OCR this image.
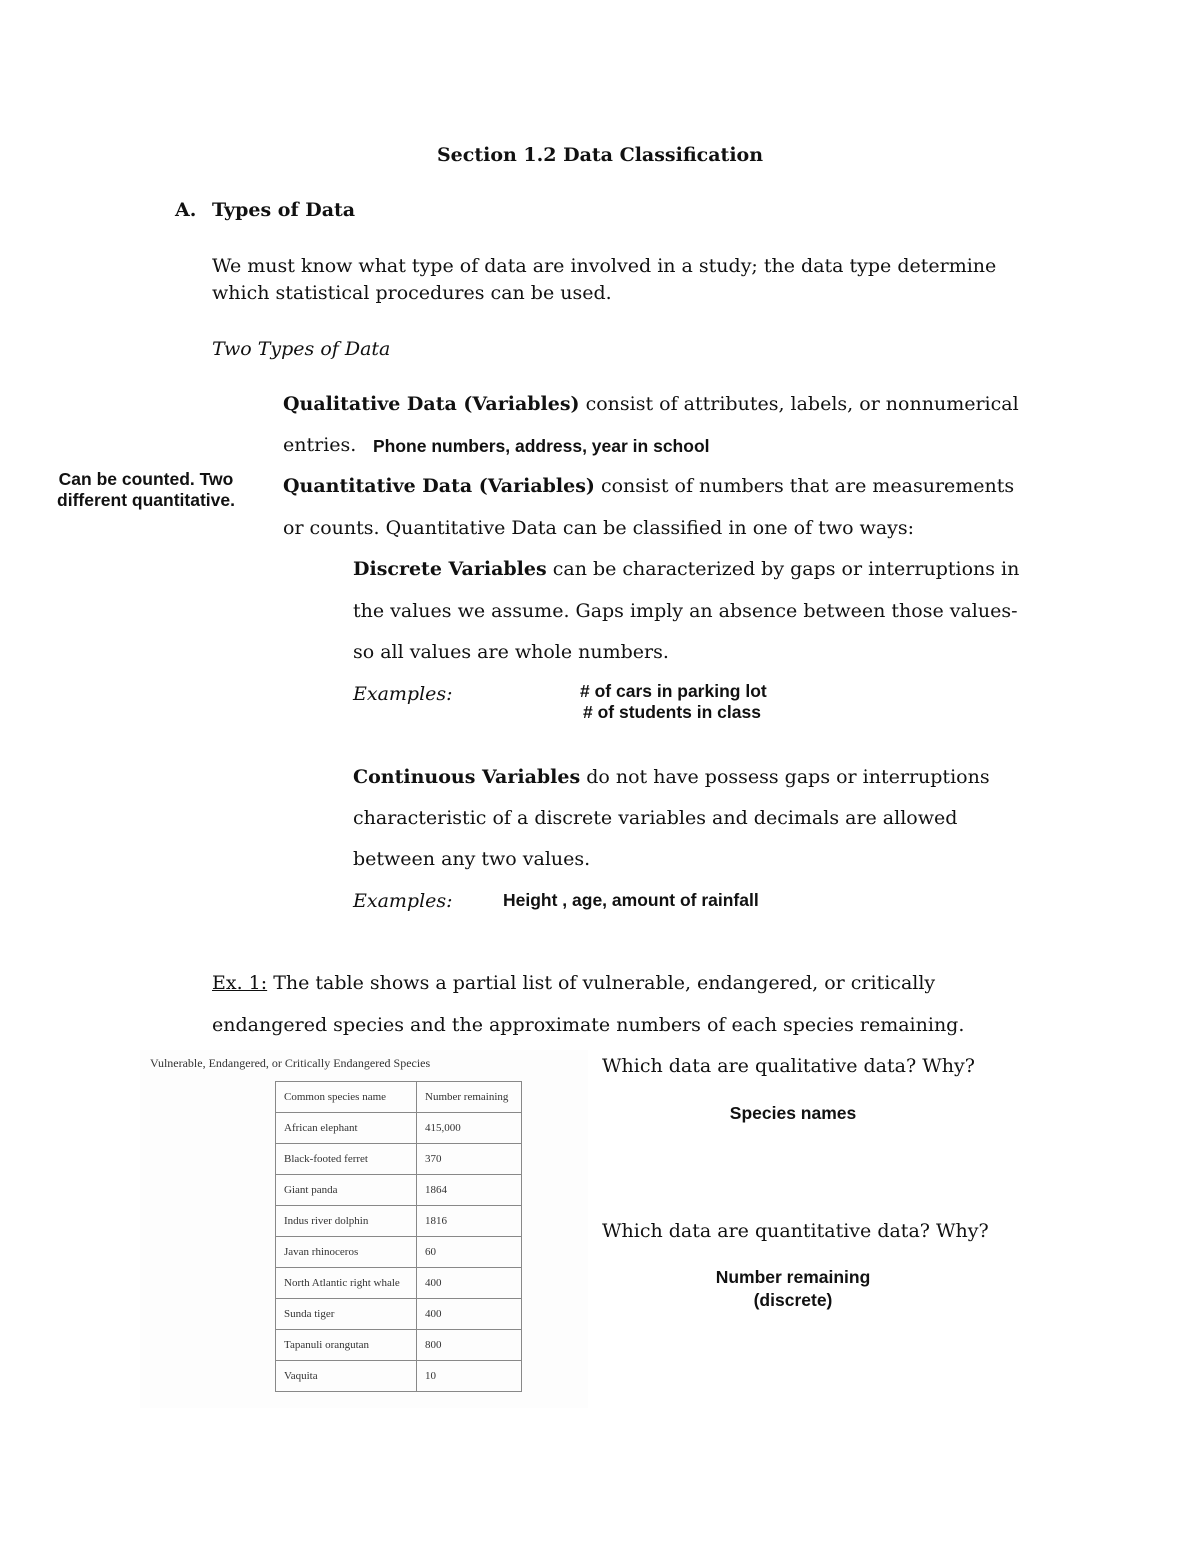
Section 1.2 Data Classification
A. Types of Data
We must know what type of data are involved in a study; the data type determine
which statistical procedures can be used.
Two Types of Data
Qualitative Data (Variables) consist of attributes, labels, or nonnumerical
entries. Phone numbers, address, year in school
Can be counted. Two
different quantitative.
Quantitative Data (Variables) consist of numbers that are measurements
or counts. Quantitative Data can be classified in one of two ways:
Discrete Variables can be characterized by gaps or interruptions in
the values we assume. Gaps imply an absence between those values-
so all values are whole numbers.
Examples:	# of cars in parking lot
# of students in class
Continuous Variables do not have possess gaps or interruptions
characteristic of a discrete variables and decimals are allowed
between any two values.
Examples:	Height , age, amount of rainfall
Ex. 1: The table shows a partial list of vulnerable, endangered, or critically
endangered species and the approximate numbers of each species remaining.
Vulnerable, Endangered, or Critically Endangered Species
Common species name	Number remaining
African elephant	415,000
Black-footed ferret	370
Giant panda	1864
Indus river dolphin	1816
Javan rhinoceros	60
North Atlantic right whale	400
Sunda tiger	400
Tapanuli orangutan	800
Vaquita	10
Which data are qualitative data? Why?
Species names
Which data are quantitative data? Why?
Number remaining
(discrete)
